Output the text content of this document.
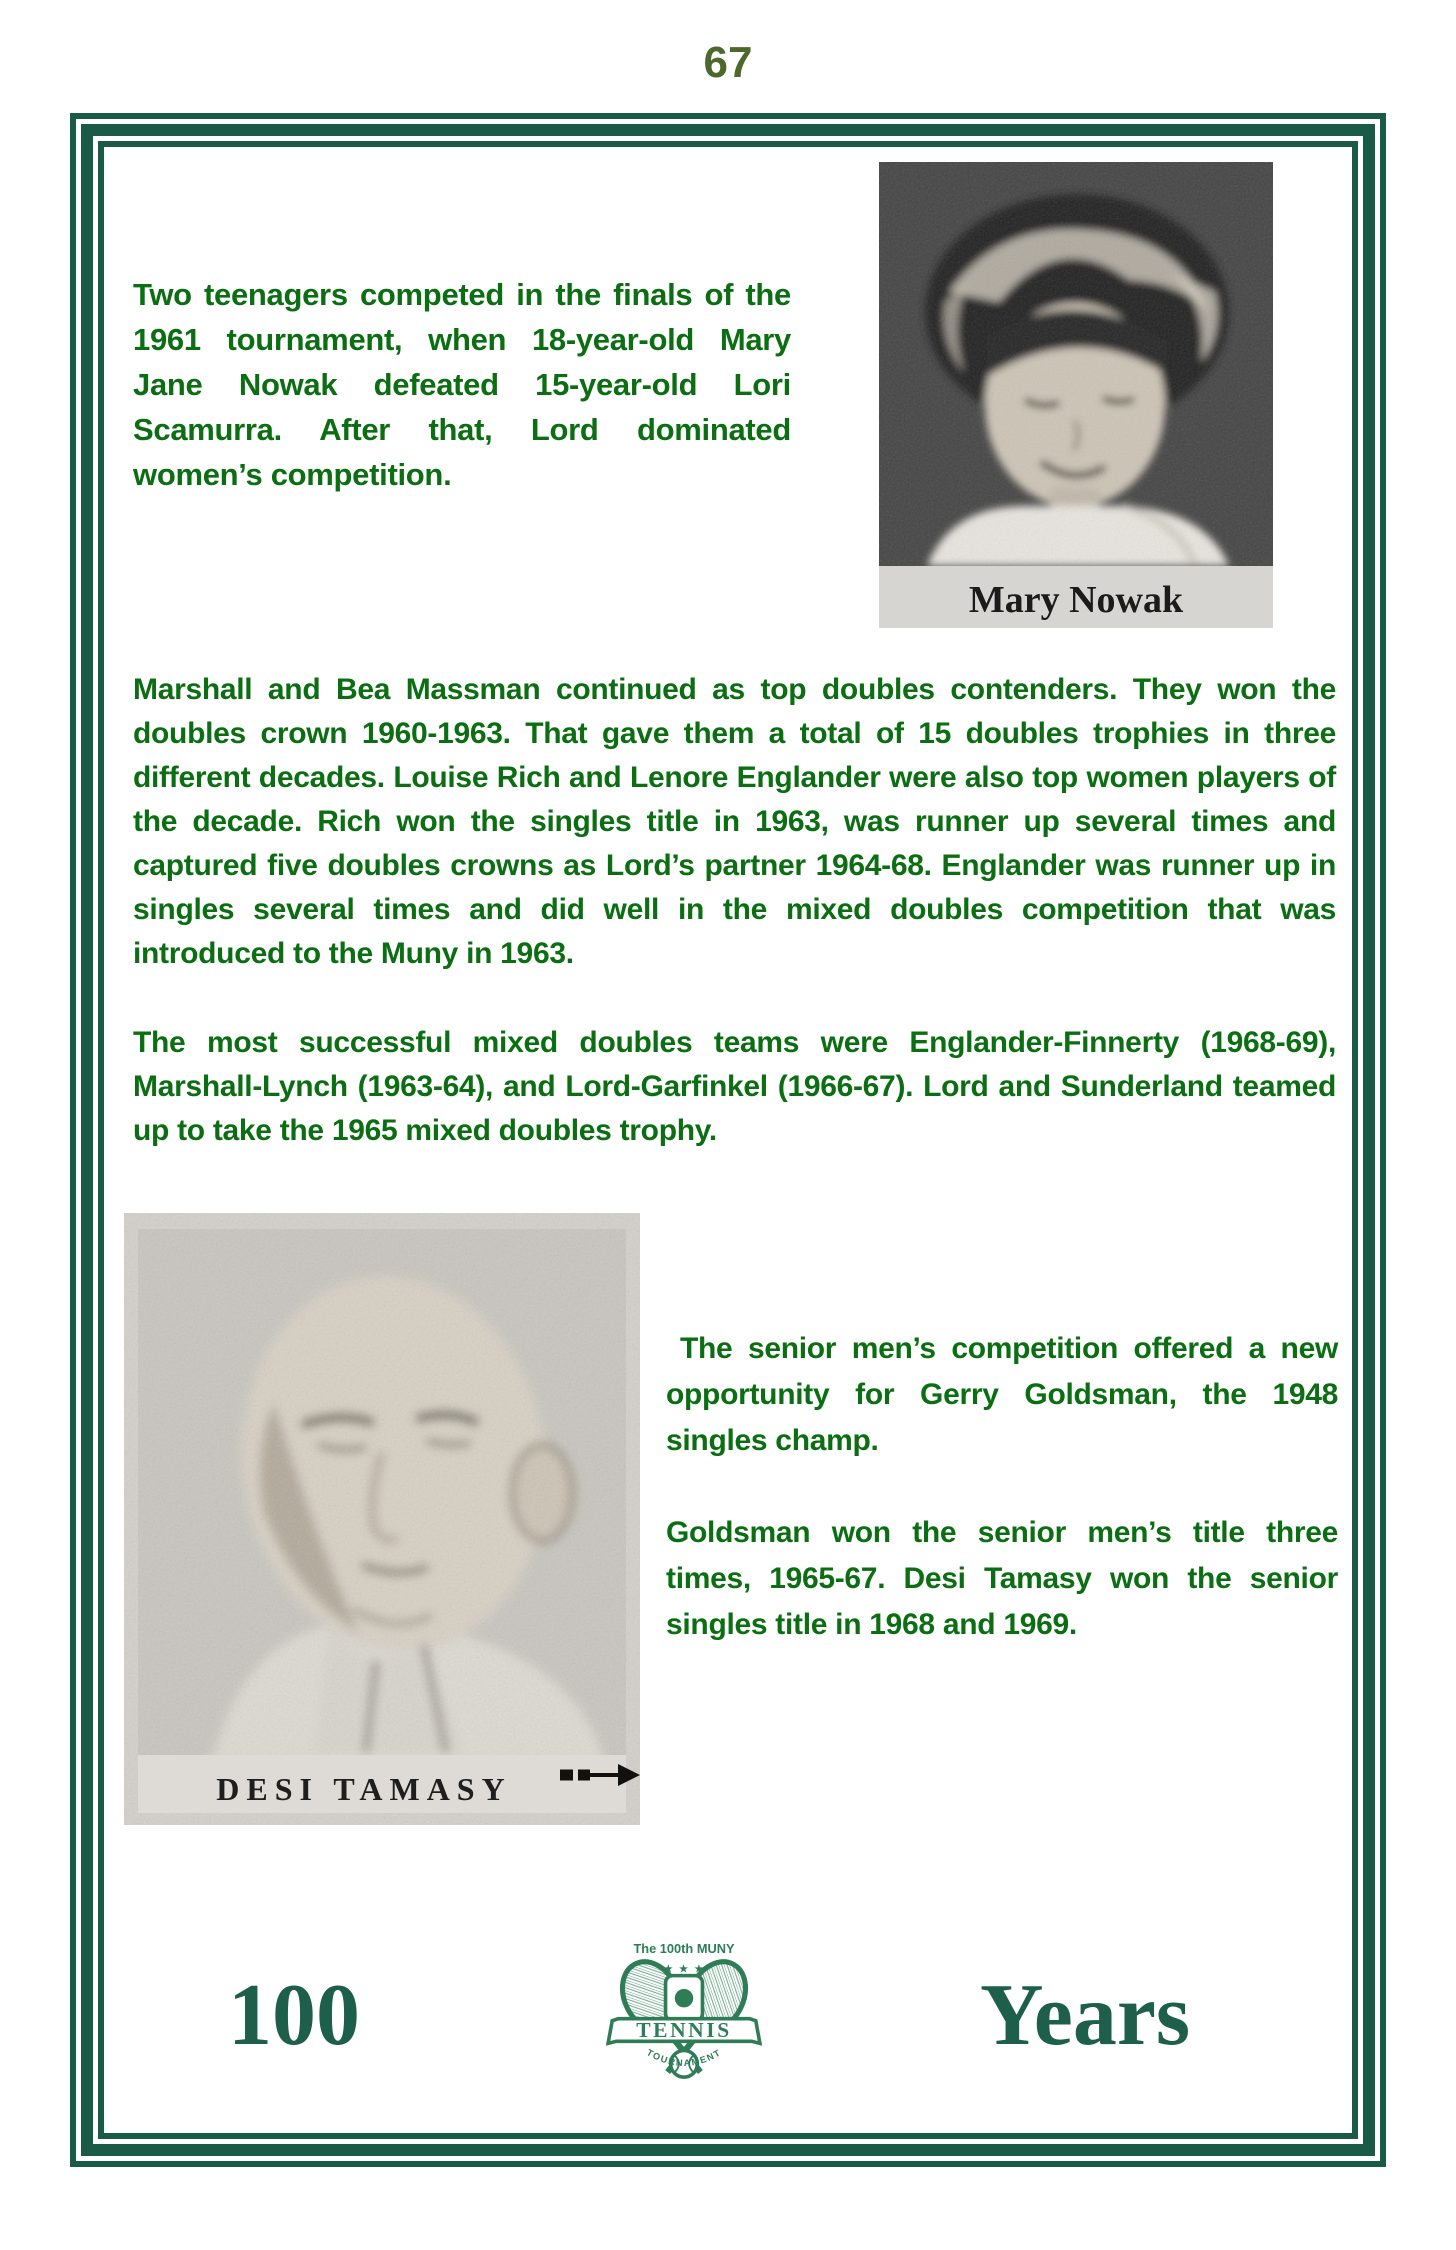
67
Two teenagers competed in the finals of the 1961 tournament, when 18-year-old Mary Jane Nowak defeated 15-year-old Lori Scamurra. After that, Lord dominated women’s competition.
Mary Nowak
Marshall and Bea Massman continued as top doubles contenders. They won the doubles crown 1960-1963. That gave them a total of 15 doubles trophies in three different decades. Louise Rich and Lenore Englander were also top women players of the decade. Rich won the singles title in 1963, was runner up several times and captured five doubles crowns as Lord’s partner 1964-68. Englander was runner up in singles several times and did well in the mixed doubles competition that was introduced to the Muny in 1963.
The most successful mixed doubles teams were Englander-Finnerty (1968-69), Marshall-Lynch (1963-64), and Lord-Garfinkel (1966-67). Lord and Sunderland teamed up to take the 1965 mixed doubles trophy.
DESI TAMASY
The senior men’s competition offered a new opportunity for Gerry Goldsman, the 1948 singles champ.
Goldsman won the senior men’s title three times, 1965-67. Desi Tamasy won the senior singles title in 1968 and 1969.
100	Years
The 100th MUNY
★ ★ ★
TENNIS
TOURNAMENT
